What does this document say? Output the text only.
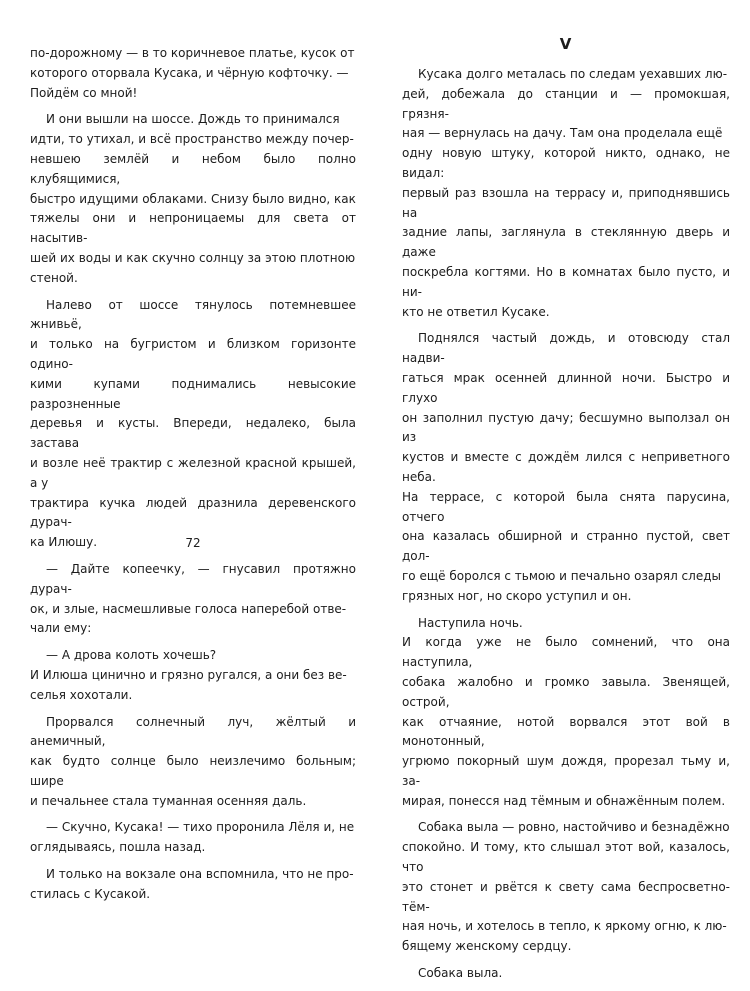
по-дорожному — в то коричневое платье, кусок от
которого оторвала Кусака, и чёрную кофточку. —
Пойдём со мной!

И они вышли на шоссе. Дождь то принимался
идти, то утихал, и всё пространство между почер-
невшею землёй и небом было полно клубящимися,
быстро идущими облаками. Снизу было видно, как
тяжелы они и непроницаемы для света от насытив-
шей их воды и как скучно солнцу за этою плотною
стеной.

Налево от шоссе тянулось потемневшее жнивьё,
и только на бугристом и близком горизонте одино-
кими купами поднимались невысокие разрозненные
деревья и кусты. Впереди, недалеко, была застава
и возле неё трактир с железной красной крышей, а у
трактира кучка людей дразнила деревенского дурач-
ка Илюшу.

— Дайте копеечку, — гнусавил протяжно дурач-
ок, и злые, насмешливые голоса наперебой отве-
чали ему:

— А дрова колоть хочешь?
И Илюша цинично и грязно ругался, а они без ве-
селья хохотали.

Прорвался солнечный луч, жёлтый и анемичный,
как будто солнце было неизлечимо больным; шире
и печальнее стала туманная осенняя даль.

— Скучно, Кусака! — тихо проронила Лёля и, не
оглядываясь, пошла назад.

И только на вокзале она вспомнила, что не про-
стилась с Кусакой.

72
V

Кусака долго металась по следам уехавших лю-
дей, добежала до станции и — промокшая, грязня-
ная — вернулась на дачу. Там она проделала ещё
одну новую штуку, которой никто, однако, не видал:
первый раз взошла на террасу и, приподнявшись на
задние лапы, заглянула в стеклянную дверь и даже
поскребла когтями. Но в комнатах было пусто, и ни-
кто не ответил Кусаке.

Поднялся частый дождь, и отовсюду стал надви-
гаться мрак осенней длинной ночи. Быстро и глухо
он заполнил пустую дачу; бесшумно выползал он из
кустов и вместе с дождём лился с неприветного неба.
На террасе, с которой была снята парусина, отчего
она казалась обширной и странно пустой, свет дол-
го ещё боролся с тьмою и печально озарял следы
грязных ног, но скоро уступил и он.

Наступила ночь.
И когда уже не было сомнений, что она наступила,
собака жалобно и громко завыла. Звенящей, острой,
как отчаяние, нотой ворвался этот вой в монотонный,
угрюмо покорный шум дождя, прорезал тьму и, за-
мирая, понесся над тёмным и обнажённым полем.

Собака выла — ровно, настойчиво и безнадёжно
спокойно. И тому, кто слышал этот вой, казалось, что
это стонет и рвётся к свету сама беспросветно-тём-
ная ночь, и хотелось в тепло, к яркому огню, к лю-
бящему женскому сердцу.

Собака выла.
